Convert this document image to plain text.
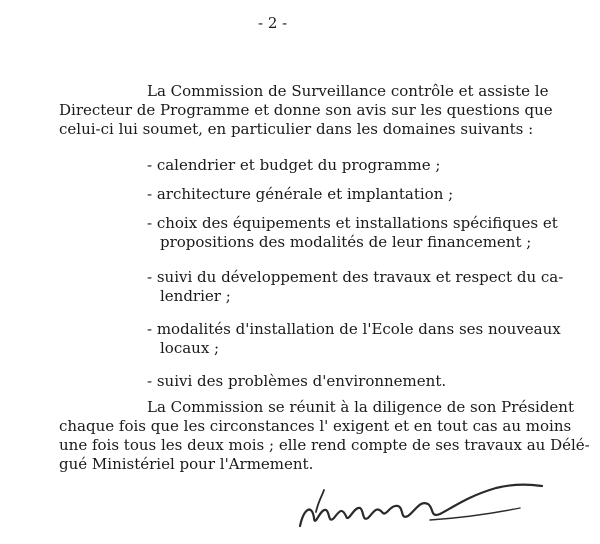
- 2 -

La Commission de Surveillance contrôle et assiste le

Directeur de Programme et donne son avis sur les questions que

celui-ci lui soumet, en particulier dans les domaines suivants :

- calendrier et budget du programme ;

- architecture générale et implantation ;

- choix des équipements et installations spécifiques et

propositions des modalités de leur financement ;

- suivi du développement des travaux et respect du ca-

lendrier ;

- modalités d'installation de l'Ecole dans ses nouveaux

locaux ;

- suivi des problèmes d'environnement.

La Commission se réunit à la diligence de son Président

chaque fois que les circonstances l' exigent et en tout cas au moins

une fois tous les deux mois ; elle rend compte de ses travaux au Délé-

gué Ministériel pour l'Armement.
